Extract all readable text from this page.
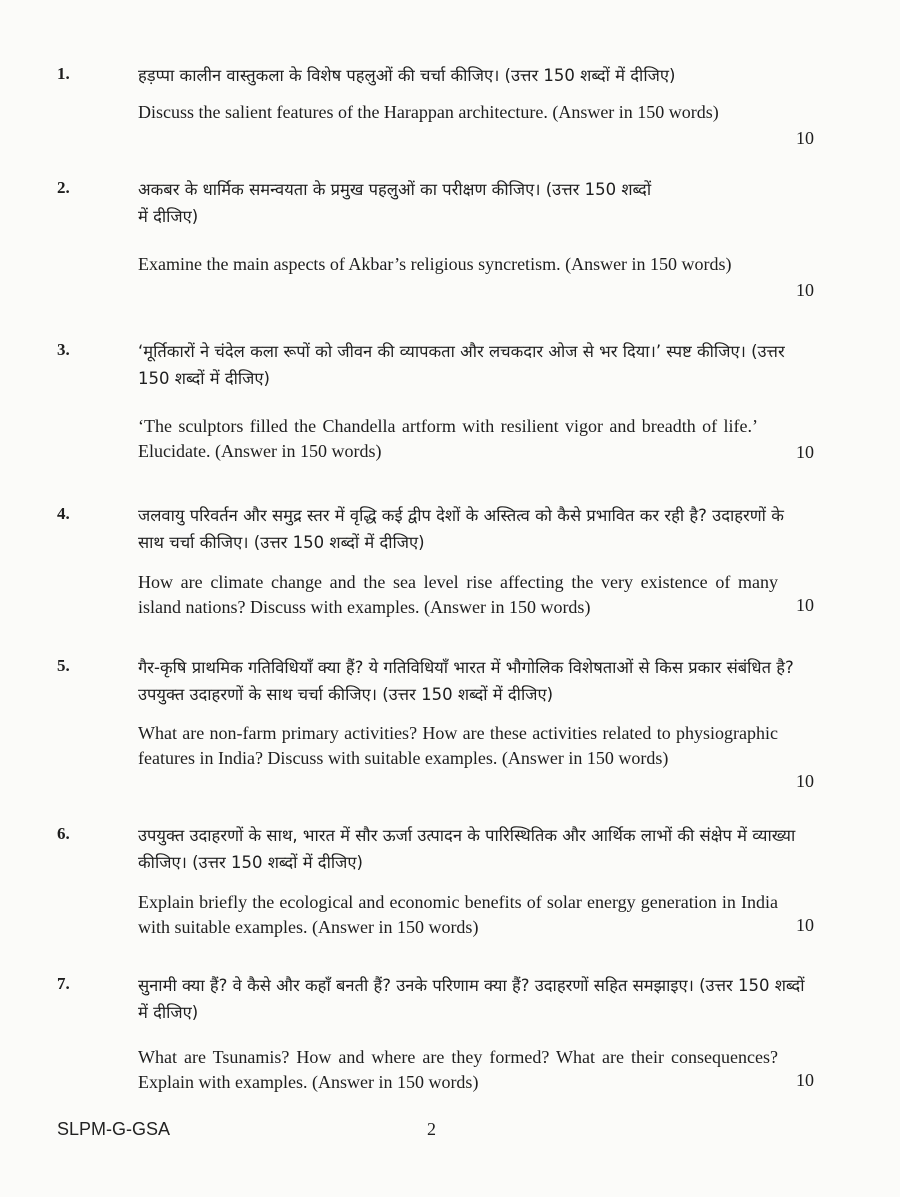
1.	हड़प्पा कालीन वास्तुकला के विशेष पहलुओं की चर्चा कीजिए। (उत्तर 150 शब्दों में दीजिए)

Discuss the salient features of the Harappan architecture. (Answer in 150 words)

10
2.	अकबर के धार्मिक समन्वयता के प्रमुख पहलुओं का परीक्षण कीजिए। (उत्तर 150 शब्दों में दीजिए)

Examine the main aspects of Akbar’s religious syncretism. (Answer in 150 words)

10
3.	‘मूर्तिकारों ने चंदेल कला रूपों को जीवन की व्यापकता और लचकदार ओज से भर दिया।’ स्पष्ट कीजिए। (उत्तर 150 शब्दों में दीजिए)

‘The sculptors filled the Chandella artform with resilient vigor and breadth of life.’ Elucidate. (Answer in 150 words)	10
4.	जलवायु परिवर्तन और समुद्र स्तर में वृद्धि कई द्वीप देशों के अस्तित्व को कैसे प्रभावित कर रही है? उदाहरणों के साथ चर्चा कीजिए। (उत्तर 150 शब्दों में दीजिए)

How are climate change and the sea level rise affecting the very existence of many island nations? Discuss with examples. (Answer in 150 words)	10
5.	गैर-कृषि प्राथमिक गतिविधियाँ क्या हैं? ये गतिविधियाँ भारत में भौगोलिक विशेषताओं से किस प्रकार संबंधित है? उपयुक्त उदाहरणों के साथ चर्चा कीजिए। (उत्तर 150 शब्दों में दीजिए)

What are non-farm primary activities? How are these activities related to physiographic features in India? Discuss with suitable examples. (Answer in 150 words)

10
6.	उपयुक्त उदाहरणों के साथ, भारत में सौर ऊर्जा उत्पादन के पारिस्थितिक और आर्थिक लाभों की संक्षेप में व्याख्या कीजिए। (उत्तर 150 शब्दों में दीजिए)

Explain briefly the ecological and economic benefits of solar energy generation in India with suitable examples. (Answer in 150 words)	10
7.	सुनामी क्या हैं? वे कैसे और कहाँ बनती हैं? उनके परिणाम क्या हैं? उदाहरणों सहित समझाइए। (उत्तर 150 शब्दों में दीजिए)

What are Tsunamis? How and where are they formed? What are their consequences? Explain with examples. (Answer in 150 words)	10
SLPM-G-GSA	2
